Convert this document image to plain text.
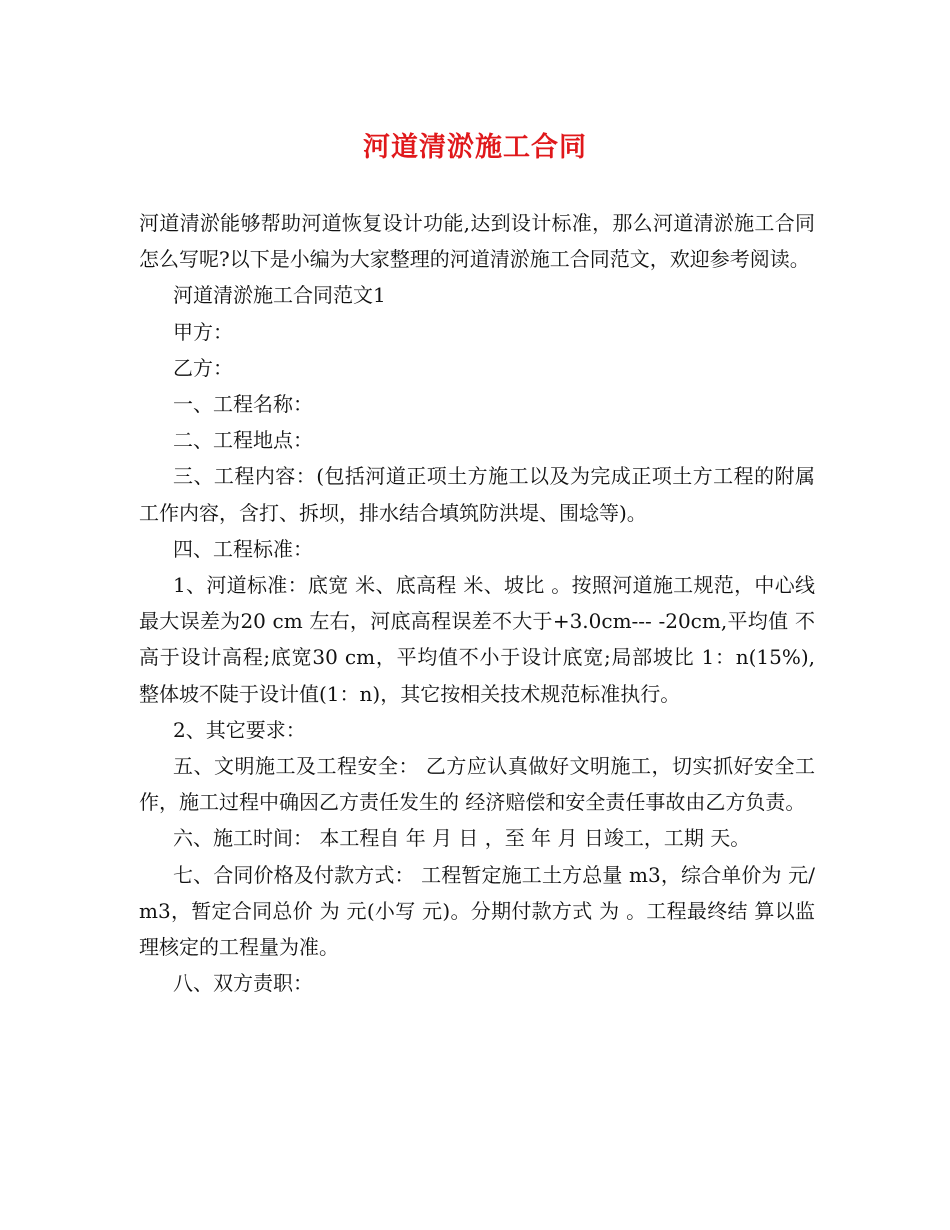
河道清淤施工合同

河道清淤能够帮助河道恢复设计功能,达到设计标准，那么河道清淤施工合同怎么写呢?以下是小编为大家整理的河道清淤施工合同范文，欢迎参考阅读。

河道清淤施工合同范文1

甲方：

乙方：

一、工程名称：

二、工程地点：

三、工程内容：(包括河道正项土方施工以及为完成正项土方工程的附属 工作内容，含打、拆坝，排水结合填筑防洪堤、围埝等)。

四、工程标准：

1、河道标准：底宽 米、底高程 米、坡比 。按照河道施工规范，中心线最大误差为20 cm 左右，河底高程误差不大于+3.0cm--- -20cm,平均值 不高于设计高程;底宽30 cm，平均值不小于设计底宽;局部坡比 1：n(15%), 整体坡不陡于设计值(1：n)，其它按相关技术规范标准执行。

2、其它要求：

五、文明施工及工程安全： 乙方应认真做好文明施工，切实抓好安全工作，施工过程中确因乙方责任发生的 经济赔偿和安全责任事故由乙方负责。

六、施工时间： 本工程自 年 月 日 ，至 年 月 日竣工，工期 天。

七、合同价格及付款方式： 工程暂定施工土方总量 m3，综合单价为 元/ m3，暂定合同总价 为 元(小写 元)。分期付款方式 为 。工程最终结 算以监理核定的工程量为准。

八、双方责职：
